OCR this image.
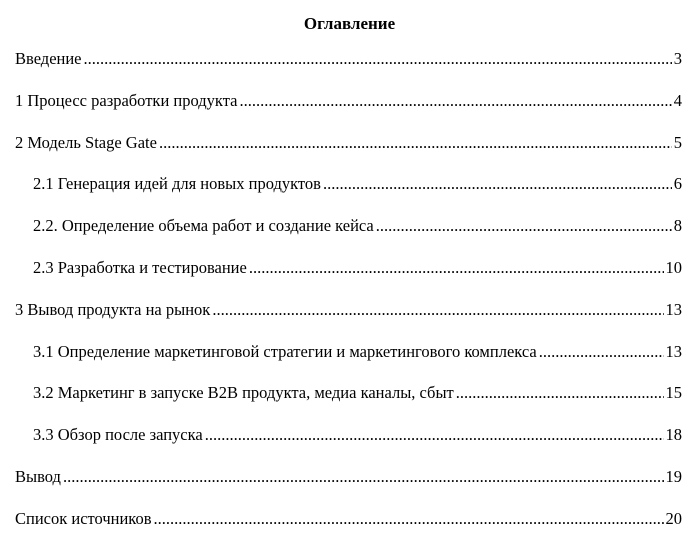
Оглавление
Введение .....	3
1 Процесс разработки продукта .....	4
2 Модель Stage Gate .....	5
2.1 Генерация идей для новых продуктов .....	6
2.2. Определение объема работ и создание кейса .....	8
2.3 Разработка и тестирование .....	10
3 Вывод продукта на рынок .....	13
3.1 Определение маркетинговой стратегии и маркетингового комплекса .....	13
3.2 Маркетинг в запуске B2B продукта, медиа каналы, сбыт .....	15
3.3 Обзор после запуска .....	18
Вывод .....	19
Список источников .....	20
